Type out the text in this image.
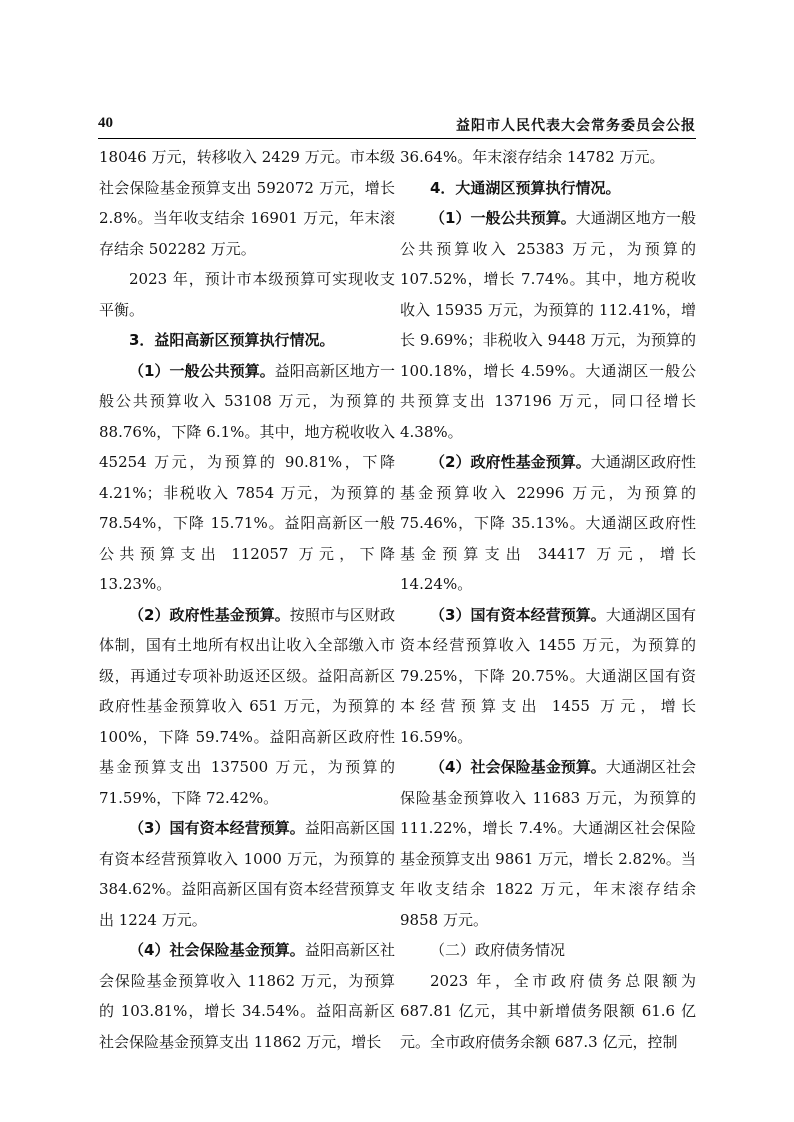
40	益阳市人民代表大会常务委员会公报

18046 万元，转移收入 2429 万元。市本级社会保险基金预算支出 592072 万元，增长 2.8%。当年收支结余 16901 万元，年末滚存结余 502282 万元。

2023 年，预计市本级预算可实现收支平衡。

3．益阳高新区预算执行情况。

（1）一般公共预算。益阳高新区地方一般公共预算收入 53108 万元，为预算的 88.76%，下降 6.1%。其中，地方税收收入 45254 万元，为预算的 90.81%，下降 4.21%；非税收入 7854 万元，为预算的 78.54%，下降 15.71%。益阳高新区一般公共预算支出 112057 万元，下降 13.23%。

（2）政府性基金预算。按照市与区财政体制，国有土地所有权出让收入全部缴入市级，再通过专项补助返还区级。益阳高新区政府性基金预算收入 651 万元，为预算的 100%，下降 59.74%。益阳高新区政府性基金预算支出 137500 万元，为预算的 71.59%，下降 72.42%。

（3）国有资本经营预算。益阳高新区国有资本经营预算收入 1000 万元，为预算的 384.62%。益阳高新区国有资本经营预算支出 1224 万元。

（4）社会保险基金预算。益阳高新区社会保险基金预算收入 11862 万元，为预算的 103.81%，增长 34.54%。益阳高新区社会保险基金预算支出 11862 万元，增长

36.64%。年末滚存结余 14782 万元。

4．大通湖区预算执行情况。

（1）一般公共预算。大通湖区地方一般公共预算收入 25383 万元，为预算的 107.52%，增长 7.74%。其中，地方税收收入 15935 万元，为预算的 112.41%，增长 9.69%；非税收入 9448 万元，为预算的 100.18%，增长 4.59%。大通湖区一般公共预算支出 137196 万元，同口径增长 4.38%。

（2）政府性基金预算。大通湖区政府性基金预算收入 22996 万元，为预算的 75.46%，下降 35.13%。大通湖区政府性基金预算支出 34417 万元，增长 14.24%。

（3）国有资本经营预算。大通湖区国有资本经营预算收入 1455 万元，为预算的 79.25%，下降 20.75%。大通湖区国有资本经营预算支出 1455 万元，增长 16.59%。

（4）社会保险基金预算。大通湖区社会保险基金预算收入 11683 万元，为预算的 111.22%，增长 7.4%。大通湖区社会保险基金预算支出 9861 万元，增长 2.82%。当年收支结余 1822 万元，年末滚存结余 9858 万元。

（二）政府债务情况

2023 年，全市政府债务总限额为 687.81 亿元，其中新增债务限额 61.6 亿元。全市政府债务余额 687.3 亿元，控制
